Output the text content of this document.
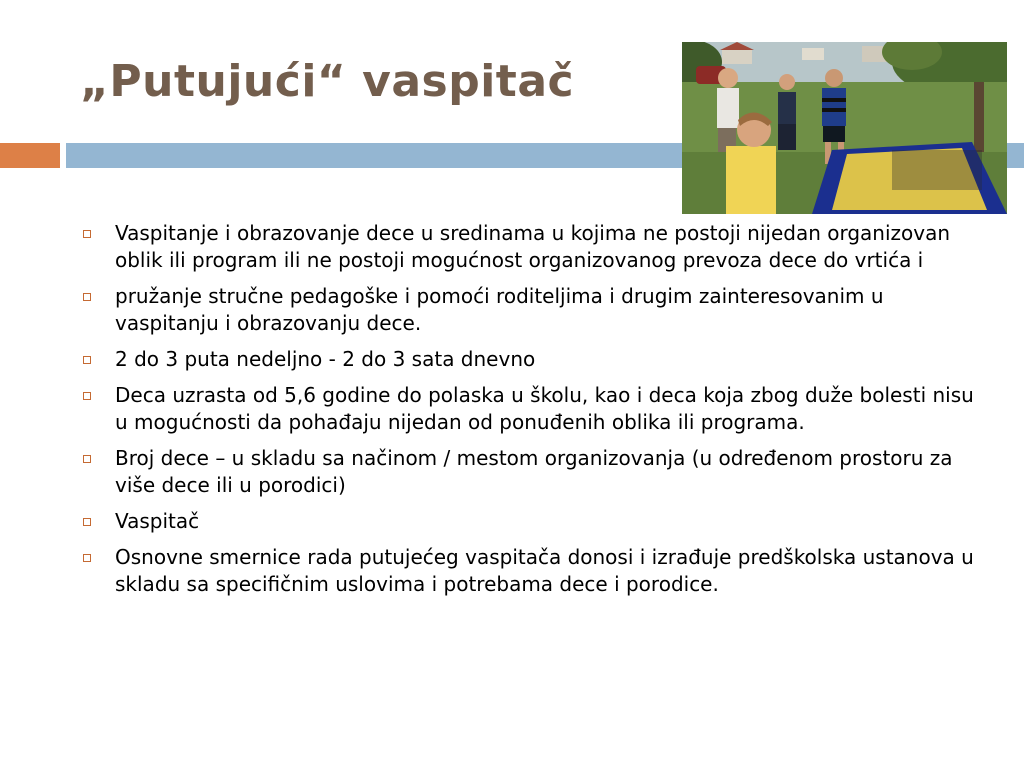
„Putujući“ vaspitač
Vaspitanje i obrazovanje dece u sredinama u kojima ne postoji nijedan organizovan oblik ili program ili ne postoji mogućnost organizovanog prevoza dece do vrtića i
pružanje stručne pedagoške i pomoći roditeljima i drugim zainteresovanim u vaspitanju i obrazovanju dece.
2 do 3 puta nedeljno - 2 do 3 sata dnevno
Deca uzrasta od 5,6 godine do polaska u školu, kao i deca koja zbog duže bolesti nisu u mogućnosti da pohađaju nijedan od ponuđenih oblika ili programa.
Broj dece – u skladu sa načinom / mestom organizovanja (u određenom prostoru za više dece ili u porodici)
Vaspitač
Osnovne smernice rada putujećeg vaspitača donosi i izrađuje predškolska ustanova u skladu sa specifičnim uslovima i potrebama dece i porodice.
